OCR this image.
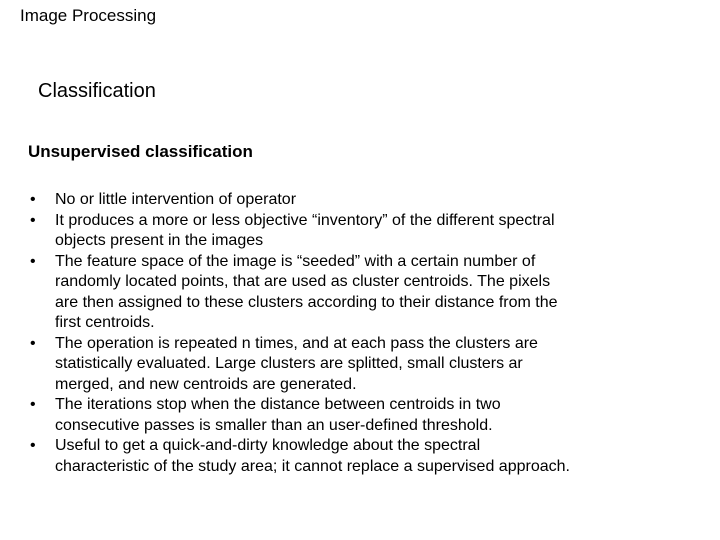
Image Processing
Classification
Unsupervised classification
• No or little intervention of operator
• It produces a more or less objective “inventory” of the different spectral
objects present in the images
• The feature space of the image is “seeded” with a certain number of
randomly located points, that are used as cluster centroids. The pixels
are then assigned to these clusters according to their distance from the
first centroids.
• The operation is repeated n times, and at each pass the clusters are
statistically evaluated. Large clusters are splitted, small clusters ar
merged, and new centroids are generated.
• The iterations stop when the distance between centroids in two
consecutive passes is smaller than an user-defined threshold.
• Useful to get a quick-and-dirty knowledge about the spectral
characteristic of the study area; it cannot replace a supervised approach.
